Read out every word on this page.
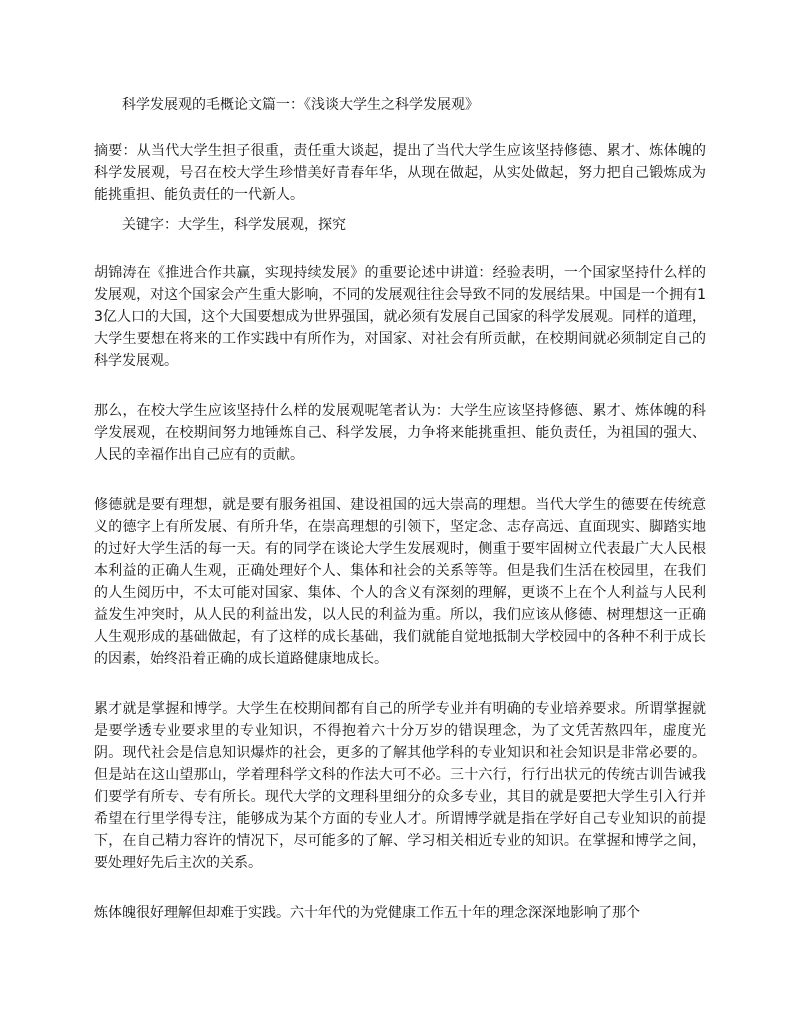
科学发展观的毛概论文篇一：《浅谈大学生之科学发展观》

摘要：从当代大学生担子很重，责任重大谈起，提出了当代大学生应该坚持修德、累才、炼体魄的科学发展观，号召在校大学生珍惜美好青春年华，从现在做起，从实处做起，努力把自己锻炼成为能挑重担、能负责任的一代新人。

关键字：大学生，科学发展观，探究

胡锦涛在《推进合作共赢，实现持续发展》的重要论述中讲道：经验表明，一个国家坚持什么样的发展观，对这个国家会产生重大影响，不同的发展观往往会导致不同的发展结果。中国是一个拥有13亿人口的大国，这个大国要想成为世界强国，就必须有发展自己国家的科学发展观。同样的道理，大学生要想在将来的工作实践中有所作为，对国家、对社会有所贡献，在校期间就必须制定自己的科学发展观。

那么，在校大学生应该坚持什么样的发展观呢笔者认为：大学生应该坚持修德、累才、炼体魄的科学发展观，在校期间努力地锤炼自己、科学发展，力争将来能挑重担、能负责任，为祖国的强大、人民的幸福作出自己应有的贡献。

修德就是要有理想，就是要有服务祖国、建设祖国的远大崇高的理想。当代大学生的德要在传统意义的德字上有所发展、有所升华，在崇高理想的引领下，坚定念、志存高远、直面现实、脚踏实地的过好大学生活的每一天。有的同学在谈论大学生发展观时，侧重于要牢固树立代表最广大人民根本利益的正确人生观，正确处理好个人、集体和社会的关系等等。但是我们生活在校园里，在我们的人生阅历中，不太可能对国家、集体、个人的含义有深刻的理解，更谈不上在个人利益与人民利益发生冲突时，从人民的利益出发，以人民的利益为重。所以，我们应该从修德、树理想这一正确人生观形成的基础做起，有了这样的成长基础，我们就能自觉地抵制大学校园中的各种不利于成长的因素，始终沿着正确的成长道路健康地成长。

累才就是掌握和博学。大学生在校期间都有自己的所学专业并有明确的专业培养要求。所谓掌握就是要学透专业要求里的专业知识，不得抱着六十分万岁的错误理念，为了文凭苦熬四年，虚度光阴。现代社会是信息知识爆炸的社会，更多的了解其他学科的专业知识和社会知识是非常必要的。但是站在这山望那山，学着理科学文科的作法大可不必。三十六行，行行出状元的传统古训告诫我们要学有所专、专有所长。现代大学的文理科里细分的众多专业，其目的就是要把大学生引入行并希望在行里学得专注，能够成为某个方面的专业人才。所谓博学就是指在学好自己专业知识的前提下，在自己精力容许的情况下，尽可能多的了解、学习相关相近专业的知识。在掌握和博学之间，要处理好先后主次的关系。

炼体魄很好理解但却难于实践。六十年代的为党健康工作五十年的理念深深地影响了那个
